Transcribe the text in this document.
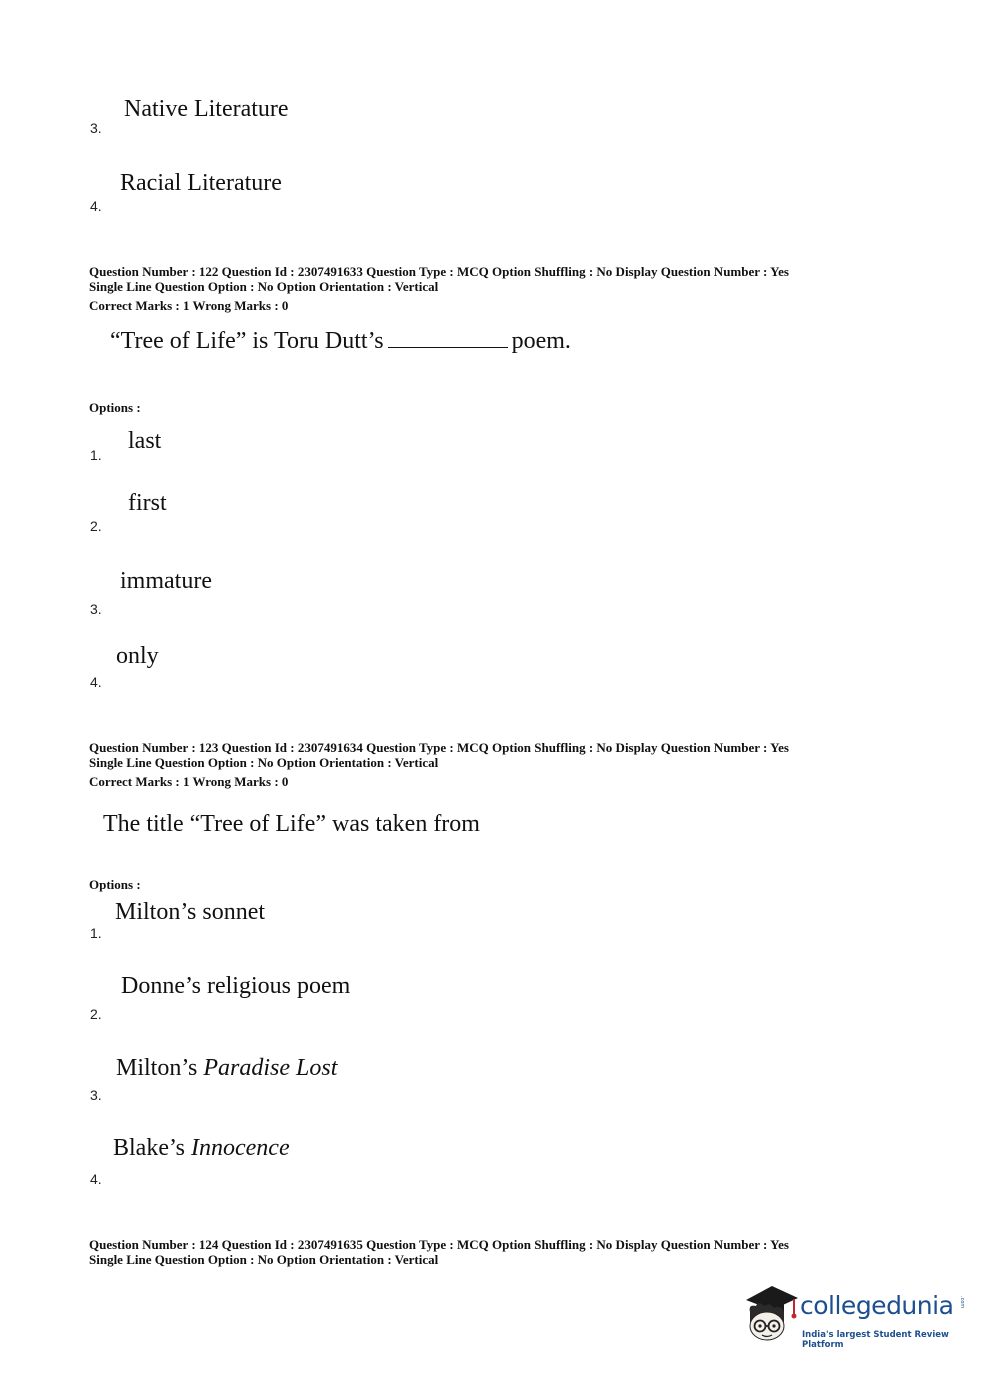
Native Literature
3.
Racial Literature
4.
Question Number : 122 Question Id : 2307491633 Question Type : MCQ Option Shuffling : No Display Question Number : Yes
Single Line Question Option : No Option Orientation : Vertical
Correct Marks : 1 Wrong Marks : 0
“Tree of Life” is Toru Dutt’s	poem.
Options :
last
1.
first
2.
immature
3.
only
4.
Question Number : 123 Question Id : 2307491634 Question Type : MCQ Option Shuffling : No Display Question Number : Yes
Single Line Question Option : No Option Orientation : Vertical
Correct Marks : 1 Wrong Marks : 0
The title “Tree of Life” was taken from
Options :
Milton’s sonnet
1.
Donne’s religious poem
2.
Milton’s Paradise Lost
3.
Blake’s Innocence
4.
Question Number : 124 Question Id : 2307491635 Question Type : MCQ Option Shuffling : No Display Question Number : Yes
Single Line Question Option : No Option Orientation : Vertical
collegedunia .com
India's largest Student Review Platform
